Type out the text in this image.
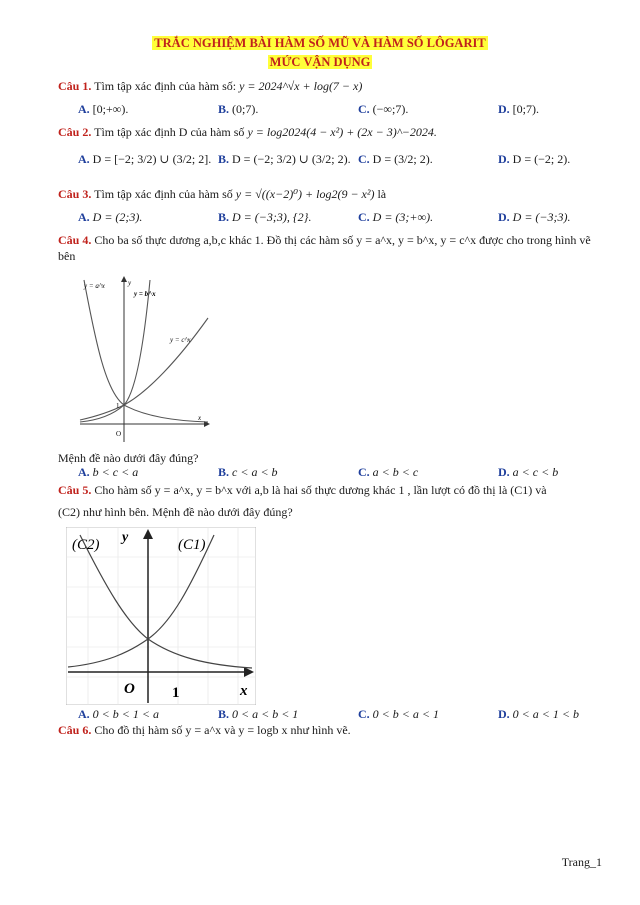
TRẮC NGHIỆM BÀI HÀM SỐ MŨ VÀ HÀM SỐ LÔGARIT
MỨC VẬN DỤNG
Câu 1. Tìm tập xác định của hàm số: y = 2024^√x + log(7 − x)
A. [0;+∞).	B. (0;7).	C. (−∞;7).	D. [0;7).
Câu 2. Tìm tập xác định D của hàm số y = log2024(4 − x²) + (2x − 3)^−2024.
A. D = [−2; 3/2) ∪ (3/2; 2]. B. D = (−2; 3/2) ∪ (3/2; 2). C. D = (3/2; 2).	D. D = (−2; 2).
Câu 3. Tìm tập xác định của hàm số y = √((x−2)⁰) + log2(9 − x²) là
A. D = (2;3).	B. D = (−3;3), {2}.	C. D = (3;+∞).	D. D = (−3;3).
Câu 4. Cho ba số thực dương a,b,c khác 1. Đồ thị các hàm số y = a^x, y = b^x, y = c^x được cho trong hình vẽ bên
y = a^x
y = b^x
y = c^x
y
x
1
O
Mệnh đề nào dưới đây đúng?
A. b < c < a	B. c < a < b	C. a < b < c	D. a < c < b
Câu 5. Cho hàm số y = a^x, y = b^x với a,b là hai số thực dương khác 1 , lần lượt có đồ thị là (C1) và
(C2) như hình bên. Mệnh đề nào dưới đây đúng?
(C2)	(C1)
y
x
1
O
A. 0 < b < 1 < a	B. 0 < a < b < 1	C. 0 < b < a < 1	D. 0 < a < 1 < b
Câu 6. Cho đồ thị hàm số y = a^x và y = logb x như hình vẽ.
Trang_1
